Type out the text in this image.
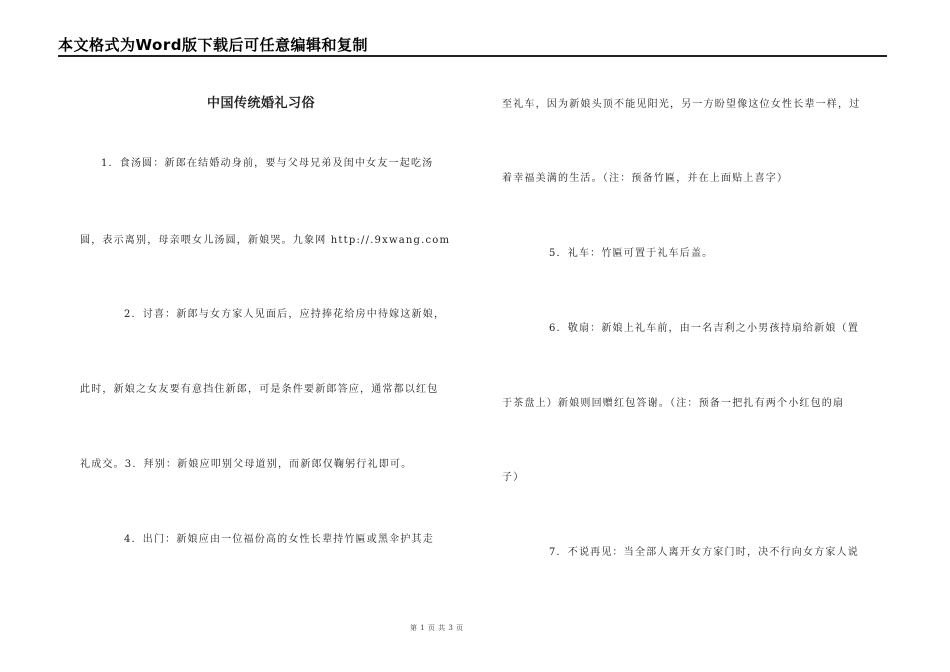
本文格式为Word版下载后可任意编辑和复制
中国传统婚礼习俗
1．食汤圆：新郎在结婚动身前，要与父母兄弟及闺中女友一起吃汤
圆，表示离别，母亲喂女儿汤圆，新娘哭。九象网 http://.9xwang.com
2．讨喜：新郎与女方家人见面后，应持捧花给房中待嫁这新娘，
此时，新娘之女友要有意挡住新郎，可是条件要新郎答应，通常都以红包
礼成交。3．拜别：新娘应叩别父母道别，而新郎仅鞠躬行礼即可。
4．出门：新娘应由一位福份高的女性长辈持竹匾或黑伞护其走
至礼车，因为新娘头顶不能见阳光，另一方盼望像这位女性长辈一样，过
着幸福美满的生活。（注：预备竹匾，并在上面贴上喜字）
5．礼车：竹匾可置于礼车后盖。
6．敬扇：新娘上礼车前，由一名吉利之小男孩持扇给新娘（置
于茶盘上）新娘则回赠红包答谢。（注：预备一把扎有两个小红包的扇
子）
7．不说再见：当全部人离开女方家门时，决不行向女方家人说
第 1 页 共 3 页
